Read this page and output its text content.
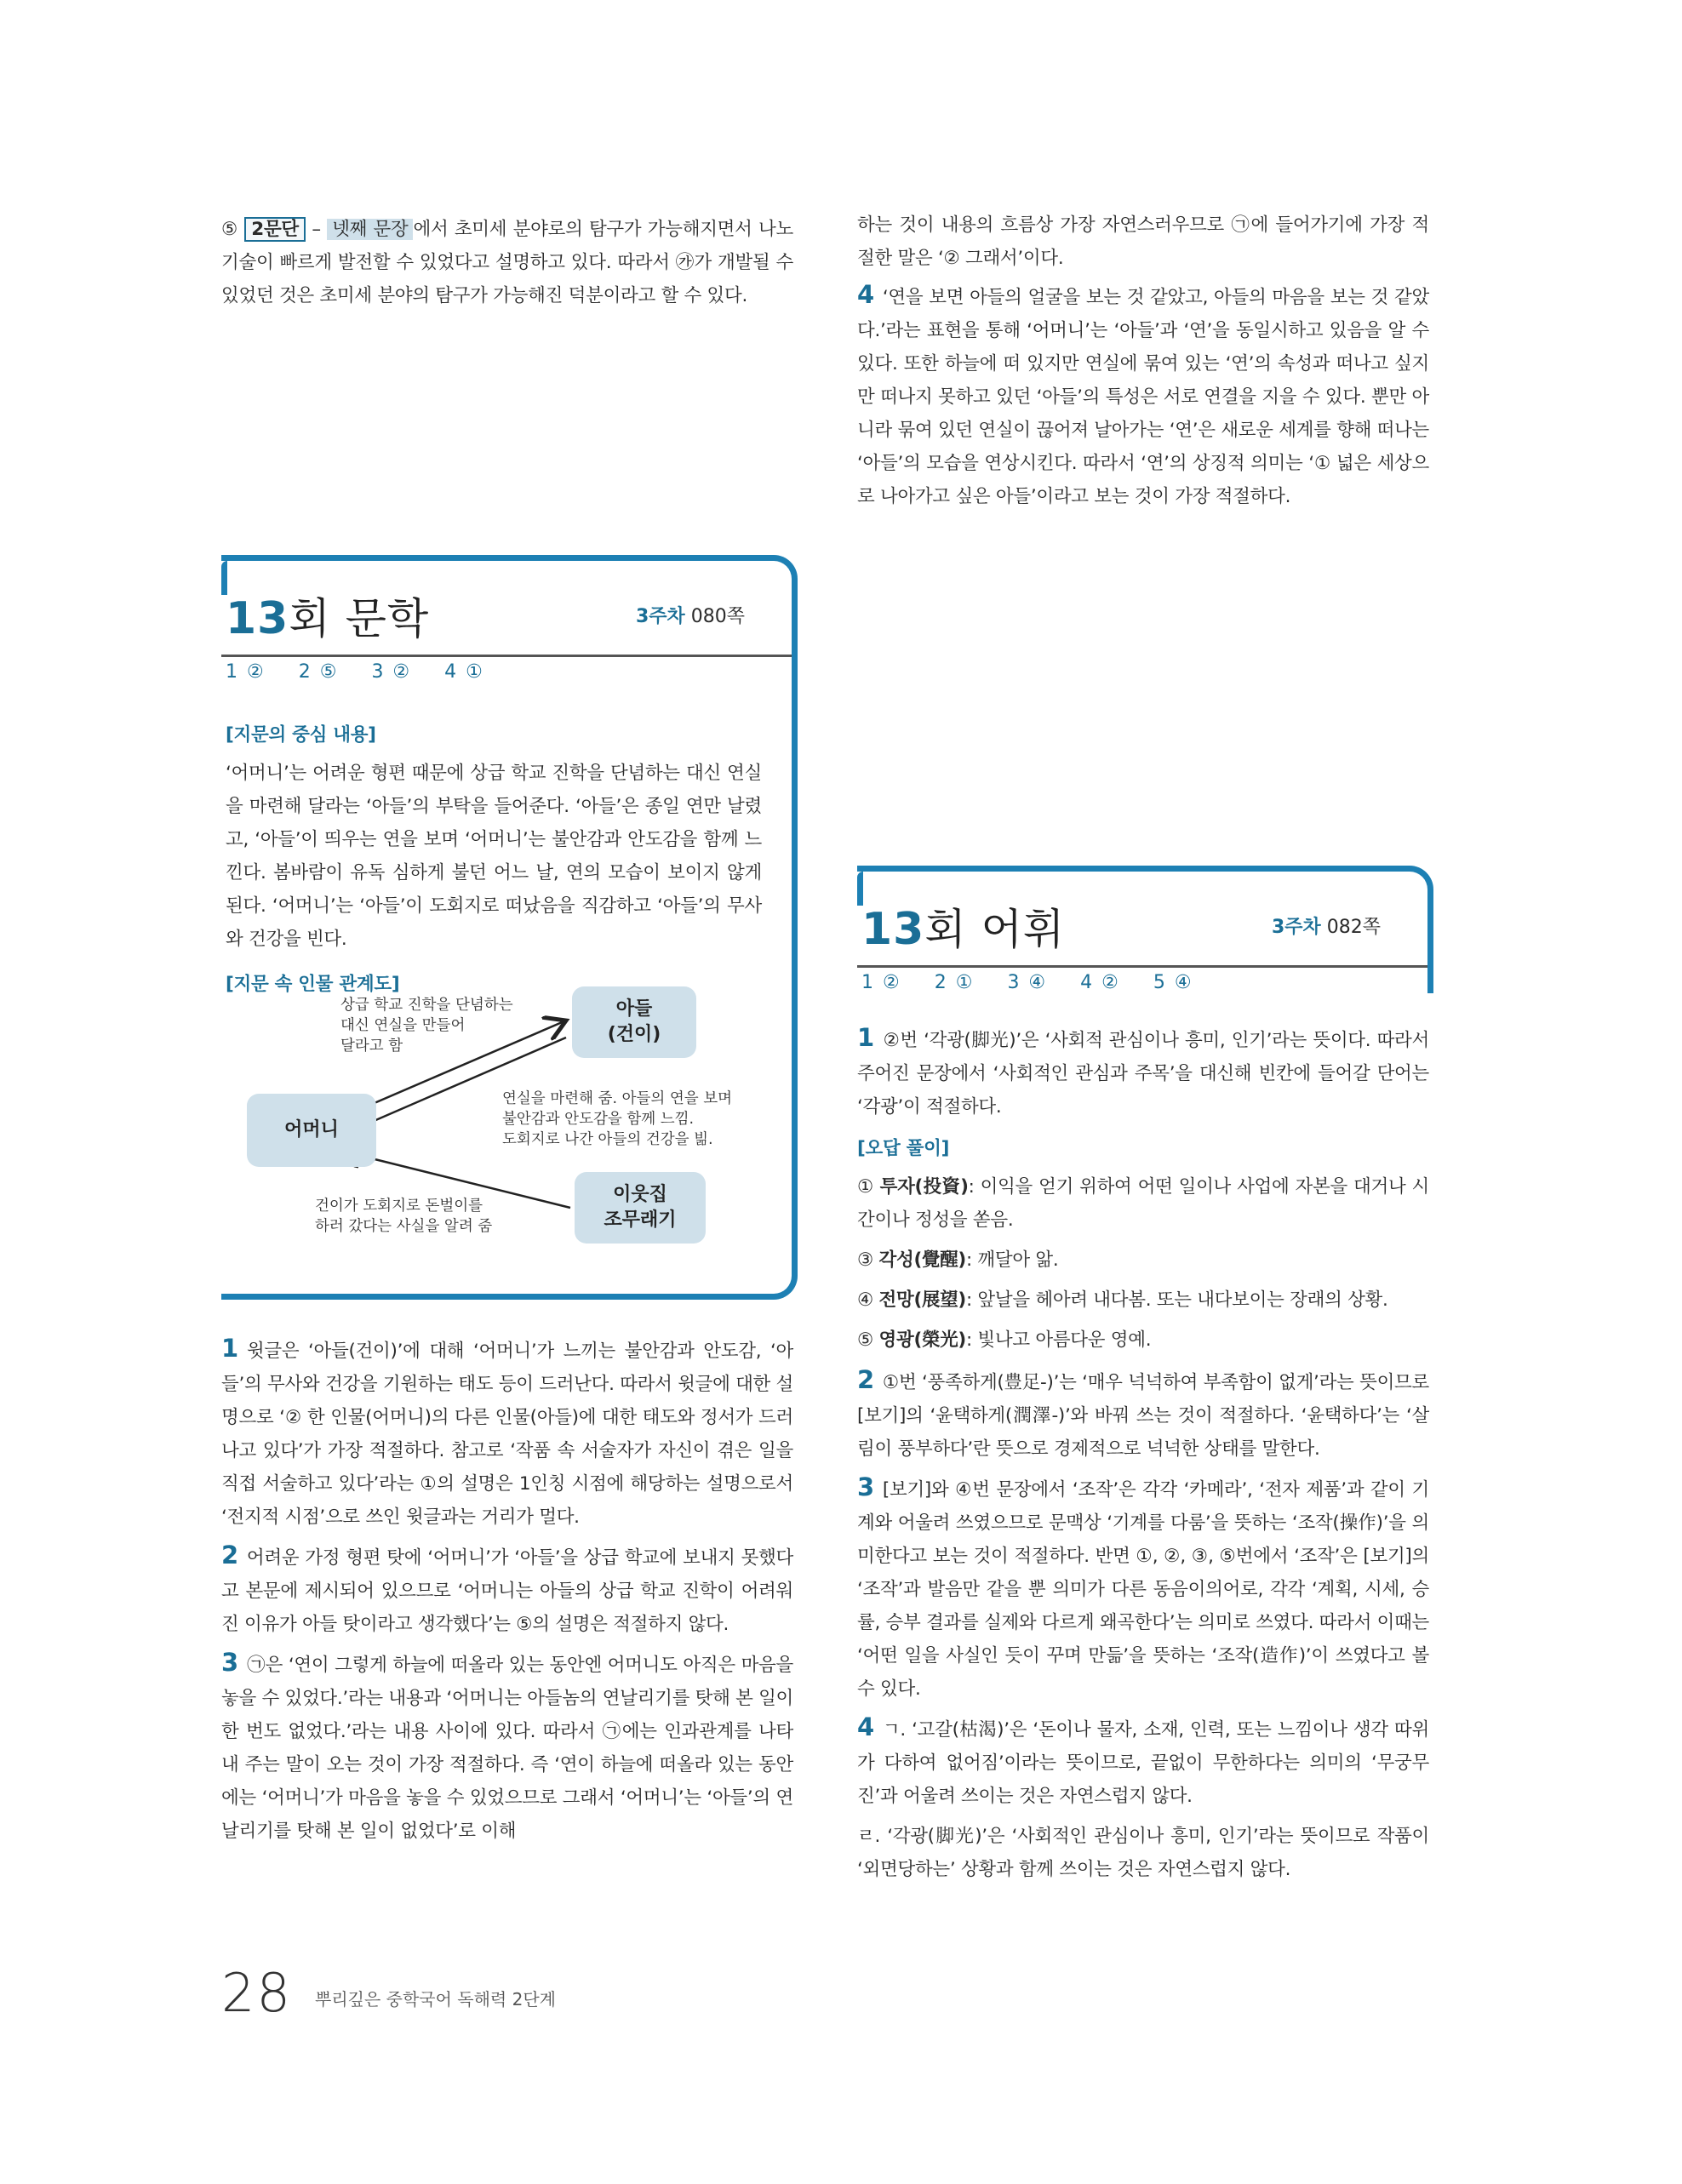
⑤ 2문단 – 넷째 문장 에서 초미세 분야로의 탐구가 가능해지면서 나노 기술이 빠르게 발전할 수 있었다고 설명하고 있다. 따라서 ㉮가 개발될 수 있었던 것은 초미세 분야의 탐구가 가능해진 덕분이라고 할 수 있다.

하는 것이 내용의 흐름상 가장 자연스러우므로 ㉠에 들어가기에 가장 적절한 말은 ‘② 그래서’이다.

4 ‘연을 보면 아들의 얼굴을 보는 것 같았고, 아들의 마음을 보는 것 같았다.’라는 표현을 통해 ‘어머니’는 ‘아들’과 ‘연’을 동일시하고 있음을 알 수 있다. 또한 하늘에 떠 있지만 연실에 묶여 있는 ‘연’의 속성과 떠나고 싶지만 떠나지 못하고 있던 ‘아들’의 특성은 서로 연결을 지을 수 있다. 뿐만 아니라 묶여 있던 연실이 끊어져 날아가는 ‘연’은 새로운 세계를 향해 떠나는 ‘아들’의 모습을 연상시킨다. 따라서 ‘연’의 상징적 의미는 ‘① 넓은 세상으로 나아가고 싶은 아들’이라고 보는 것이 가장 적절하다.

13회 문학	3주차 080쪽
1 ② 2 ⑤ 3 ② 4 ①
[지문의 중심 내용]

‘어머니’는 어려운 형편 때문에 상급 학교 진학을 단념하는 대신 연실을 마련해 달라는 ‘아들’의 부탁을 들어준다. ‘아들’은 종일 연만 날렸고, ‘아들’이 띄우는 연을 보며 ‘어머니’는 불안감과 안도감을 함께 느낀다. 봄바람이 유독 심하게 불던 어느 날, 연의 모습이 보이지 않게 된다. ‘어머니’는 ‘아들’이 도회지로 떠났음을 직감하고 ‘아들’의 무사와 건강을 빈다.

[지문 속 인물 관계도]
아들
(건이)
어머니
이웃집
조무래기
상급 학교 진학을 단념하는
대신 연실을 만들어
달라고 함
연실을 마련해 줌. 아들의 연을 보며
불안감과 안도감을 함께 느낌.
도회지로 나간 아들의 건강을 빎.
건이가 도회지로 돈벌이를
하러 갔다는 사실을 알려 줌

1 윗글은 ‘아들(건이)’에 대해 ‘어머니’가 느끼는 불안감과 안도감, ‘아들’의 무사와 건강을 기원하는 태도 등이 드러난다. 따라서 윗글에 대한 설명으로 ‘② 한 인물(어머니)의 다른 인물(아들)에 대한 태도와 정서가 드러나고 있다’가 가장 적절하다. 참고로 ‘작품 속 서술자가 자신이 겪은 일을 직접 서술하고 있다’라는 ①의 설명은 1인칭 시점에 해당하는 설명으로서 ‘전지적 시점’으로 쓰인 윗글과는 거리가 멀다.

2 어려운 가정 형편 탓에 ‘어머니’가 ‘아들’을 상급 학교에 보내지 못했다고 본문에 제시되어 있으므로 ‘어머니는 아들의 상급 학교 진학이 어려워진 이유가 아들 탓이라고 생각했다’는 ⑤의 설명은 적절하지 않다.

3 ㉠은 ‘연이 그렇게 하늘에 떠올라 있는 동안엔 어머니도 아직은 마음을 놓을 수 있었다.’라는 내용과 ‘어머니는 아들놈의 연날리기를 탓해 본 일이 한 번도 없었다.’라는 내용 사이에 있다. 따라서 ㉠에는 인과관계를 나타내 주는 말이 오는 것이 가장 적절하다. 즉 ‘연이 하늘에 떠올라 있는 동안에는 ‘어머니’가 마음을 놓을 수 있었으므로 그래서 ‘어머니’는 ‘아들’의 연날리기를 탓해 본 일이 없었다’로 이해

13회 어휘	3주차 082쪽
1 ② 2 ① 3 ④ 4 ② 5 ④

1 ②번 ‘각광(脚光)’은 ‘사회적 관심이나 흥미, 인기’라는 뜻이다. 따라서 주어진 문장에서 ‘사회적인 관심과 주목’을 대신해 빈칸에 들어갈 단어는 ‘각광’이 적절하다.

[오답 풀이]

① 투자(投資): 이익을 얻기 위하여 어떤 일이나 사업에 자본을 대거나 시간이나 정성을 쏟음.

③ 각성(覺醒): 깨달아 앎.

④ 전망(展望): 앞날을 헤아려 내다봄. 또는 내다보이는 장래의 상황.

⑤ 영광(榮光): 빛나고 아름다운 영예.

2 ①번 ‘풍족하게(豊足-)’는 ‘매우 넉넉하여 부족함이 없게’라는 뜻이므로 [보기]의 ‘윤택하게(潤澤-)’와 바꿔 쓰는 것이 적절하다. ‘윤택하다’는 ‘살림이 풍부하다’란 뜻으로 경제적으로 넉넉한 상태를 말한다.

3 [보기]와 ④번 문장에서 ‘조작’은 각각 ‘카메라’, ‘전자 제품’과 같이 기계와 어울려 쓰였으므로 문맥상 ‘기계를 다룸’을 뜻하는 ‘조작(操作)’을 의미한다고 보는 것이 적절하다. 반면 ①, ②, ③, ⑤번에서 ‘조작’은 [보기]의 ‘조작’과 발음만 같을 뿐 의미가 다른 동음이의어로, 각각 ‘계획, 시세, 승률, 승부 결과를 실제와 다르게 왜곡한다’는 의미로 쓰였다. 따라서 이때는 ‘어떤 일을 사실인 듯이 꾸며 만듦’을 뜻하는 ‘조작(造作)’이 쓰였다고 볼 수 있다.

4 ㄱ. ‘고갈(枯渴)’은 ‘돈이나 물자, 소재, 인력, 또는 느낌이나 생각 따위가 다하여 없어짐’이라는 뜻이므로, 끝없이 무한하다는 의미의 ‘무궁무진’과 어울려 쓰이는 것은 자연스럽지 않다.

ㄹ. ‘각광(脚光)’은 ‘사회적인 관심이나 흥미, 인기’라는 뜻이므로 작품이 ‘외면당하는’ 상황과 함께 쓰이는 것은 자연스럽지 않다.

28 뿌리깊은 중학국어 독해력 2단계
